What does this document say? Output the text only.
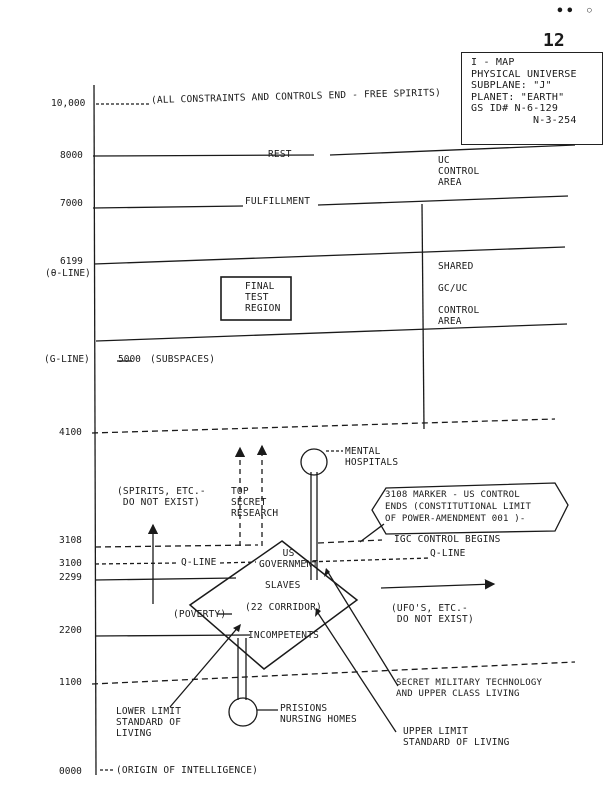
•• ◦
12
I - MAP
PHYSICAL UNIVERSE
SUBPLANE: "J"
PLANET: "EARTH"
GS ID# N-6-129
N-3-254
10,000
8000
7000
6199
(θ-LINE)
(G-LINE)	5000
4100
3108
3100
2299
2200
1100
0000
(ALL CONSTRAINTS AND CONTROLS END - FREE SPIRITS)
REST
FULFILLMENT
UC
CONTROL
AREA
SHARED

GC/UC

CONTROL
AREA
FINAL
TEST
REGION
(SUBSPACES)
MENTAL
HOSPITALS
(SPIRITS, ETC.-
DO NOT EXIST)
TOP
SECRET
RESEARCH
3108 MARKER - US CONTROL
ENDS (CONSTITUTIONAL LIMIT
OF POWER-AMENDMENT 001 )-
IGC CONTROL BEGINS
Q-LINE
Q-LINE
US
GOVERNMENT
SLAVES
(22 CORRIDOR)
(POVERTY)
INCOMPETENTS
(UFO'S, ETC.-
DO NOT EXIST)
SECRET MILITARY TECHNOLOGY
AND UPPER CLASS LIVING
LOWER LIMIT
STANDARD OF
LIVING
PRISIONS
NURSING HOMES
UPPER LIMIT
STANDARD OF LIVING
(ORIGIN OF INTELLIGENCE)
